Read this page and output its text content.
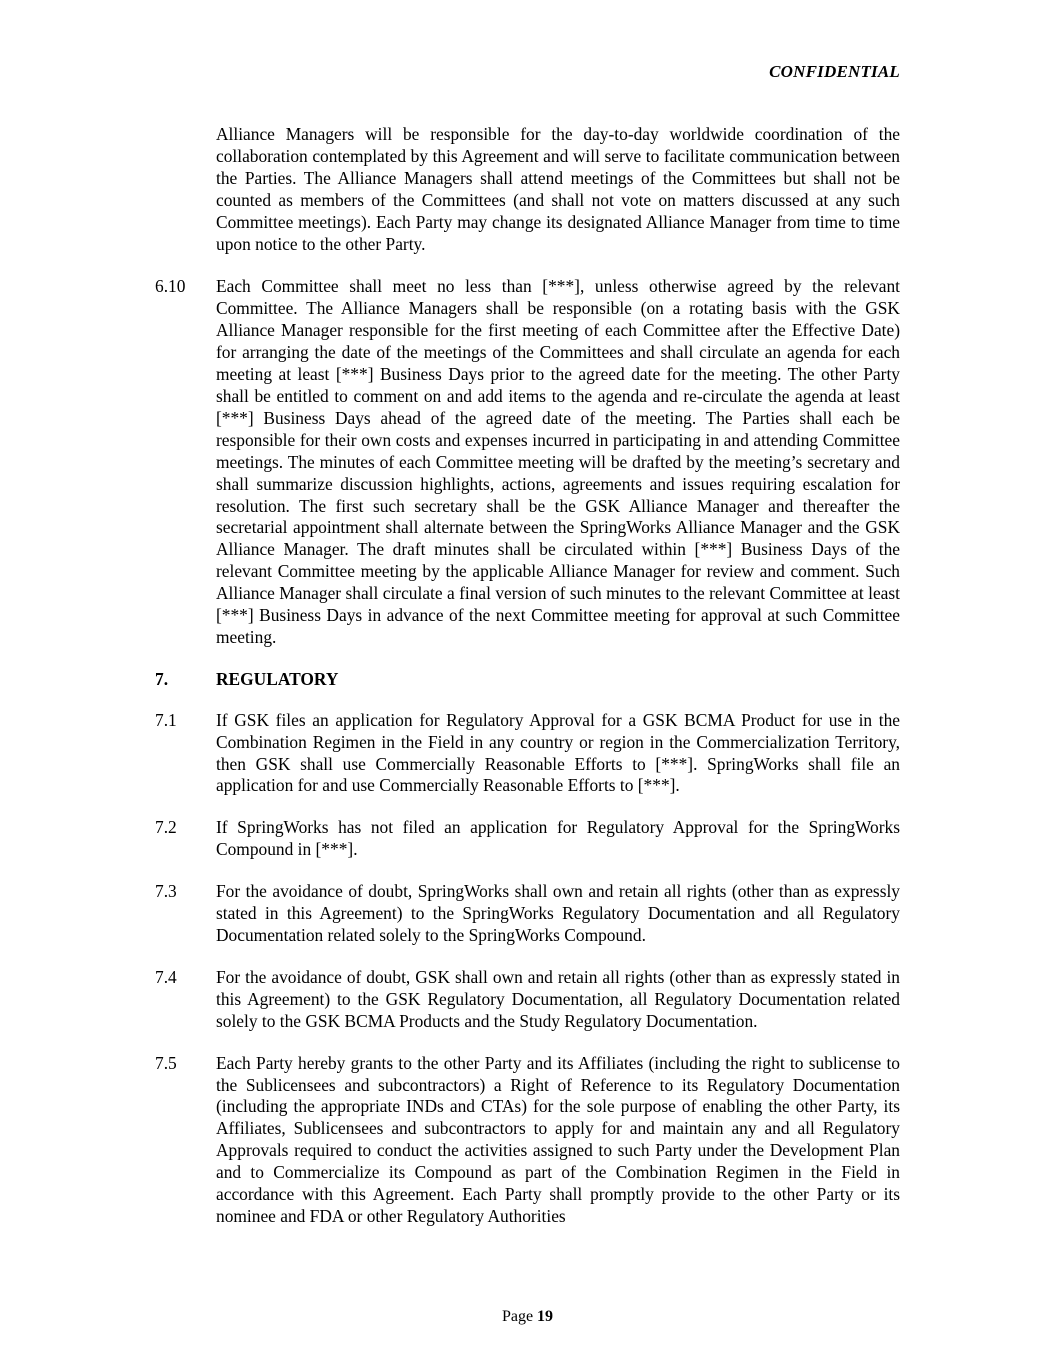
CONFIDENTIAL

Alliance Managers will be responsible for the day-to-day worldwide coordination of the collaboration contemplated by this Agreement and will serve to facilitate communication between the Parties. The Alliance Managers shall attend meetings of the Committees but shall not be counted as members of the Committees (and shall not vote on matters discussed at any such Committee meetings). Each Party may change its designated Alliance Manager from time to time upon notice to the other Party.

6.10	Each Committee shall meet no less than [***], unless otherwise agreed by the relevant Committee. The Alliance Managers shall be responsible (on a rotating basis with the GSK Alliance Manager responsible for the first meeting of each Committee after the Effective Date) for arranging the date of the meetings of the Committees and shall circulate an agenda for each meeting at least [***] Business Days prior to the agreed date for the meeting. The other Party shall be entitled to comment on and add items to the agenda and re-circulate the agenda at least [***] Business Days ahead of the agreed date of the meeting. The Parties shall each be responsible for their own costs and expenses incurred in participating in and attending Committee meetings. The minutes of each Committee meeting will be drafted by the meeting’s secretary and shall summarize discussion highlights, actions, agreements and issues requiring escalation for resolution. The first such secretary shall be the GSK Alliance Manager and thereafter the secretarial appointment shall alternate between the SpringWorks Alliance Manager and the GSK Alliance Manager. The draft minutes shall be circulated within [***] Business Days of the relevant Committee meeting by the applicable Alliance Manager for review and comment. Such Alliance Manager shall circulate a final version of such minutes to the relevant Committee at least [***] Business Days in advance of the next Committee meeting for approval at such Committee meeting.
7.	REGULATORY
7.1	If GSK files an application for Regulatory Approval for a GSK BCMA Product for use in the Combination Regimen in the Field in any country or region in the Commercialization Territory, then GSK shall use Commercially Reasonable Efforts to [***]. SpringWorks shall file an application for and use Commercially Reasonable Efforts to [***].
7.2	If SpringWorks has not filed an application for Regulatory Approval for the SpringWorks Compound in [***].
7.3	For the avoidance of doubt, SpringWorks shall own and retain all rights (other than as expressly stated in this Agreement) to the SpringWorks Regulatory Documentation and all Regulatory Documentation related solely to the SpringWorks Compound.
7.4	For the avoidance of doubt, GSK shall own and retain all rights (other than as expressly stated in this Agreement) to the GSK Regulatory Documentation, all Regulatory Documentation related solely to the GSK BCMA Products and the Study Regulatory Documentation.
7.5	Each Party hereby grants to the other Party and its Affiliates (including the right to sublicense to the Sublicensees and subcontractors) a Right of Reference to its Regulatory Documentation (including the appropriate INDs and CTAs) for the sole purpose of enabling the other Party, its Affiliates, Sublicensees and subcontractors to apply for and maintain any and all Regulatory Approvals required to conduct the activities assigned to such Party under the Development Plan and to Commercialize its Compound as part of the Combination Regimen in the Field in accordance with this Agreement. Each Party shall promptly provide to the other Party or its nominee and FDA or other Regulatory Authorities
Page 19
